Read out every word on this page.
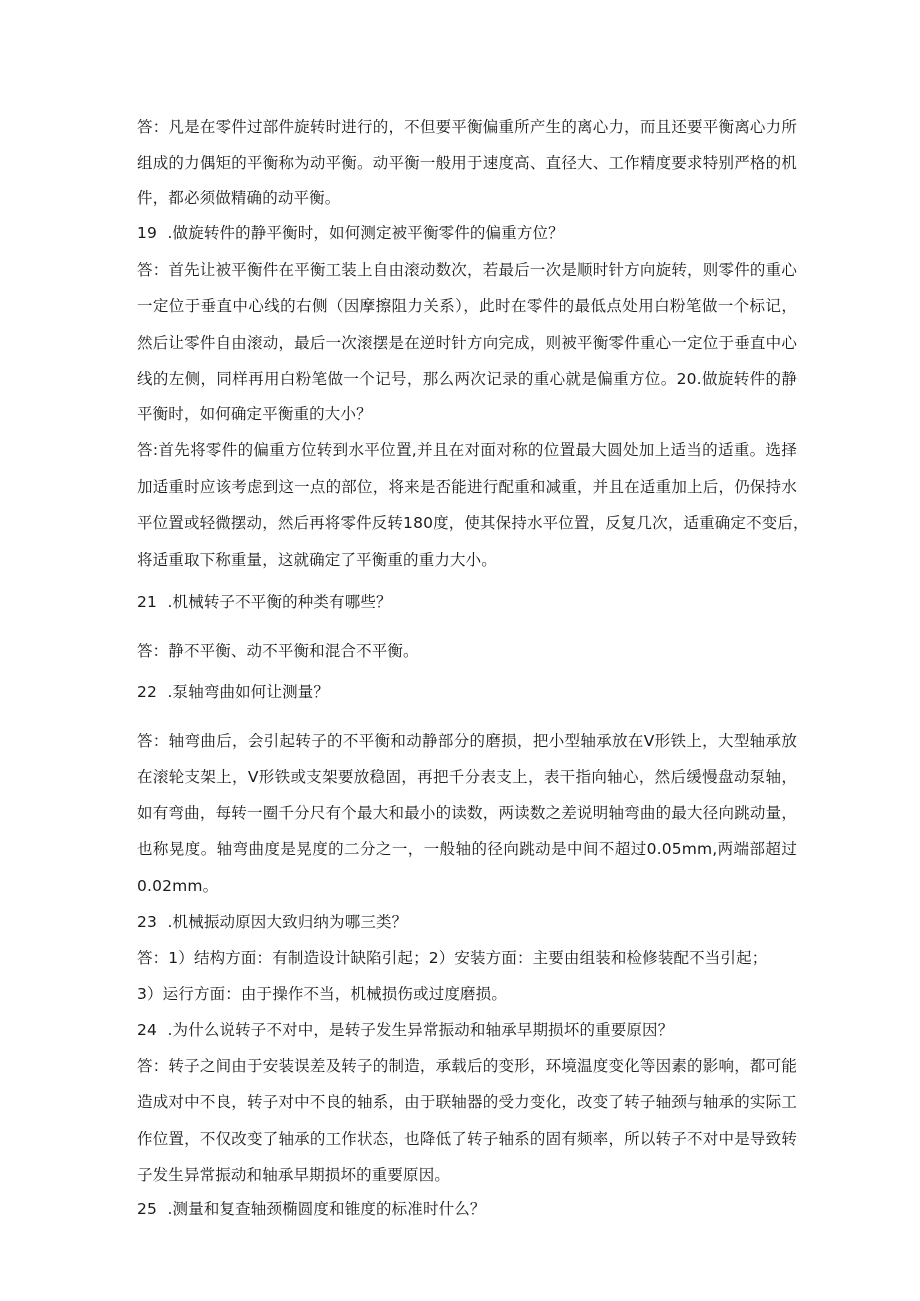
答：凡是在零件过部件旋转时进行的，不但要平衡偏重所产生的离心力，而且还要平衡离心力所
组成的力偶矩的平衡称为动平衡。动平衡一般用于速度高、直径大、工作精度要求特别严格的机
件，都必须做精确的动平衡。
19	.做旋转件的静平衡时，如何测定被平衡零件的偏重方位？
答：首先让被平衡件在平衡工装上自由滚动数次，若最后一次是顺时针方向旋转，则零件的重心
一定位于垂直中心线的右侧（因摩擦阻力关系），此时在零件的最低点处用白粉笔做一个标记，
然后让零件自由滚动，最后一次滚摆是在逆时针方向完成，则被平衡零件重心一定位于垂直中心
线的左侧，同样再用白粉笔做一个记号，那么两次记录的重心就是偏重方位。20.做旋转件的静
平衡时，如何确定平衡重的大小？
答:首先将零件的偏重方位转到水平位置,并且在对面对称的位置最大圆处加上适当的适重。选择
加适重时应该考虑到这一点的部位，将来是否能进行配重和减重，并且在适重加上后，仍保持水
平位置或轻微摆动，然后再将零件反转180度，使其保持水平位置，反复几次，适重确定不变后，
将适重取下称重量，这就确定了平衡重的重力大小。
21	.机械转子不平衡的种类有哪些？
答：静不平衡、动不平衡和混合不平衡。
22	.泵轴弯曲如何让测量？
答：轴弯曲后，会引起转子的不平衡和动静部分的磨损，把小型轴承放在V形铁上，大型轴承放
在滚轮支架上，V形铁或支架要放稳固，再把千分表支上，表干指向轴心，然后缓慢盘动泵轴，
如有弯曲，每转一圈千分尺有个最大和最小的读数，两读数之差说明轴弯曲的最大径向跳动量，
也称晃度。轴弯曲度是晃度的二分之一，一般轴的径向跳动是中间不超过0.05mm,两端部超过
0.02mm。
23	.机械振动原因大致归纳为哪三类？
答：1）结构方面：有制造设计缺陷引起；2）安装方面：主要由组装和检修装配不当引起；
3）运行方面：由于操作不当，机械损伤或过度磨损。
24	.为什么说转子不对中，是转子发生异常振动和轴承早期损坏的重要原因？
答：转子之间由于安装误差及转子的制造，承载后的变形，环境温度变化等因素的影响，都可能
造成对中不良，转子对中不良的轴系，由于联轴器的受力变化，改变了转子轴颈与轴承的实际工
作位置，不仅改变了轴承的工作状态，也降低了转子轴系的固有频率，所以转子不对中是导致转
子发生异常振动和轴承早期损坏的重要原因。
25	.测量和复查轴颈椭圆度和锥度的标准时什么？
